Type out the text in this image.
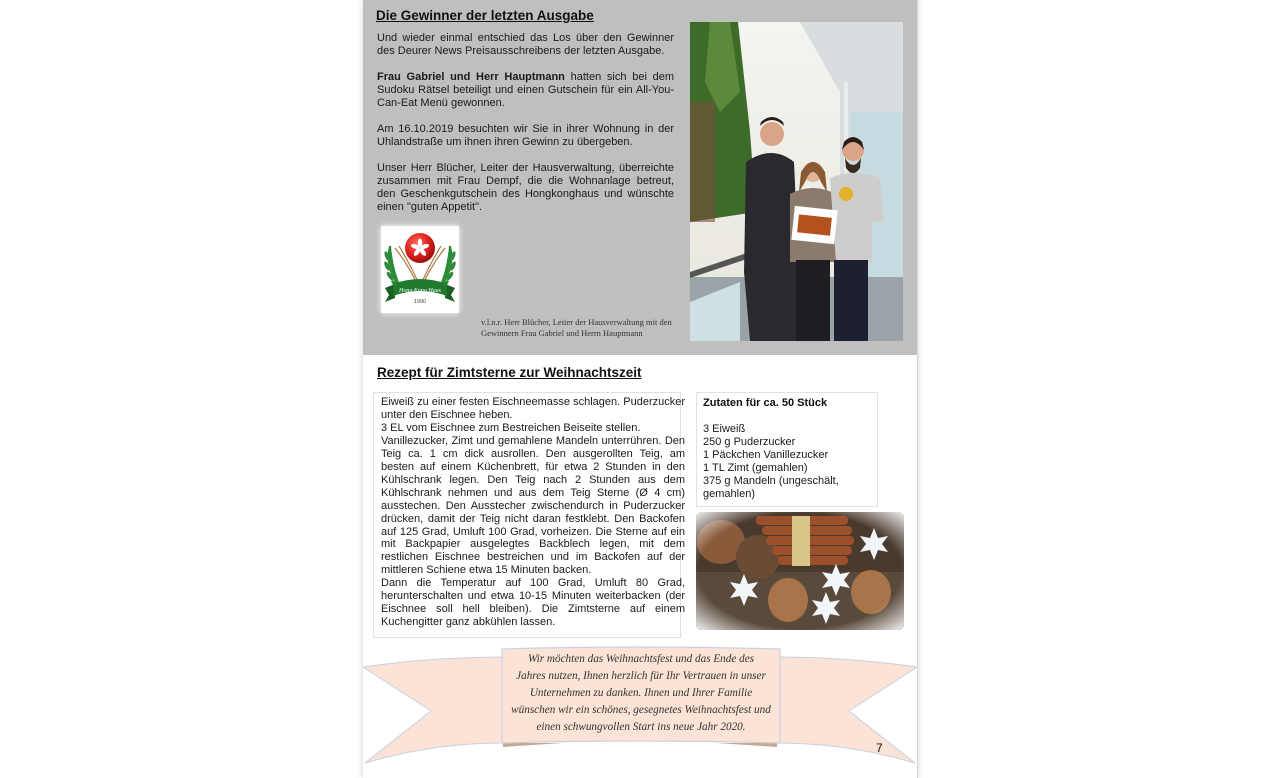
Die Gewinner der letzten Ausgabe
Und wieder einmal entschied das Los über den Gewinner des Deurer News Preisausschreibens der letzten Ausgabe.
Frau Gabriel und Herr Hauptmann hatten sich bei dem Sudoku Rätsel beteiligt und einen Gutschein für ein All-You-Can-Eat Menü gewonnen.
Am 16.10.2019 besuchten wir Sie in ihrer Wohnung in der Uhlandstraße um ihnen ihren Gewinn zu übergeben.
Unser Herr Blücher, Leiter der Hausverwaltung, überreichte zusammen mit Frau Dempf, die die Wohnanlage betreut, den Geschenkgutschein des Hongkonghaus und wünschte einen "guten Appetit".
Hong Kong Haus
1990
v.l.n.r. Herr Blücher, Leiter der Hausverwaltung mit den Gewinnern Frau Gabriel und Herrn Hauptmann
Rezept für Zimtsterne zur Weihnachtszeit
Eiweiß zu einer festen Eischneemasse schlagen. Puderzucker unter den Eischnee heben.
3 EL vom Eischnee zum Bestreichen Beiseite stellen.
Vanillezucker, Zimt und gemahlene Mandeln unterrühren. Den Teig ca. 1 cm dick ausrollen. Den ausgerollten Teig, am besten auf einem Küchenbrett, für etwa 2 Stunden in den Kühlschrank legen. Den Teig nach 2 Stunden aus dem Kühlschrank nehmen und aus dem Teig Sterne (Ø 4 cm) ausstechen. Den Ausstecher zwischendurch in Puderzucker drücken, damit der Teig nicht daran festklebt. Den Backofen auf 125 Grad, Umluft 100 Grad, vorheizen. Die Sterne auf ein mit Backpapier ausgelegtes Backblech legen, mit dem restlichen Eischnee bestreichen und im Backofen auf der mittleren Schiene etwa 15 Minuten backen.
Dann die Temperatur auf 100 Grad, Umluft 80 Grad, herunterschalten und etwa 10-15 Minuten weiterbacken (der Eischnee soll hell bleiben). Die Zimtsterne auf einem Kuchengitter ganz abkühlen lassen.
Zutaten für ca. 50 Stück
3 Eiweiß
250 g Puderzucker
1 Päckchen Vanillezucker
1 TL Zimt (gemahlen)
375 g Mandeln (ungeschält, gemahlen)
Wir möchten das Weihnachtsfest und das Ende des
Jahres nutzen, Ihnen herzlich für Ihr Vertrauen in unser
Unternehmen zu danken. Ihnen und Ihrer Familie
wünschen wir ein schönes, gesegnetes Weihnachtsfest und
einen schwungvollen Start ins neue Jahr 2020.
7
